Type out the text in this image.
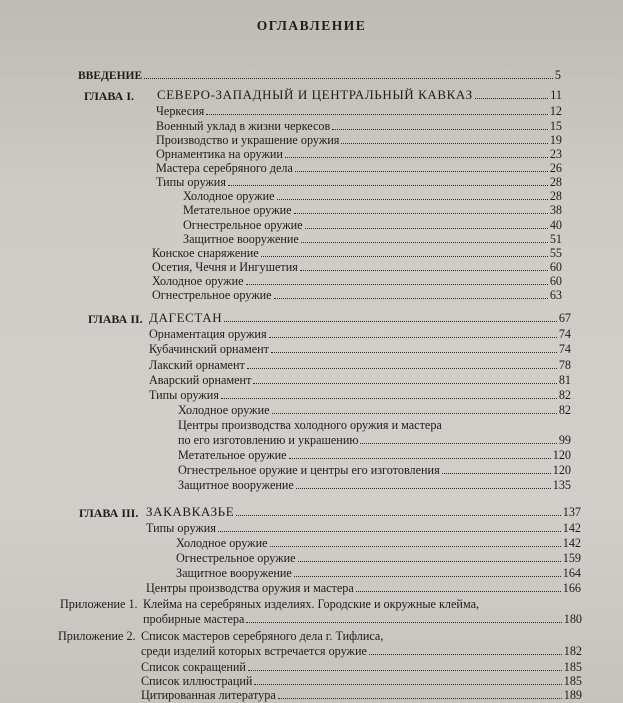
ОГЛАВЛЕНИЕ
ВВЕДЕНИЕ	5
ГЛАВА I. СЕВЕРО-ЗАПАДНЫЙ И ЦЕНТРАЛЬНЫЙ КАВКАЗ	11
Черкесия	12
Военный уклад в жизни черкесов	15
Производство и украшение оружия	19
Орнаментика на оружии	23
Мастера серебряного дела	26
Типы оружия	28
Холодное оружие	28
Метательное оружие	38
Огнестрельное оружие	40
Защитное вооружение	51
Конское снаряжение	55
Осетия, Чечня и Ингушетия	60
Холодное оружие	60
Огнестрельное оружие	63
ГЛАВА II. ДАГЕСТАН	67
Орнаментация оружия	74
Кубачинский орнамент	74
Лакский орнамент	78
Аварский орнамент	81
Типы оружия	82
Холодное оружие	82
Центры производства холодного оружия и мастера
по его изготовлению и украшению	99
Метательное оружие	120
Огнестрельное оружие и центры его изготовления	120
Защитное вооружение	135
ГЛАВА III. ЗАКАВКАЗЬЕ	137
Типы оружия	142
Холодное оружие	142
Огнестрельное оружие	159
Защитное вооружение	164
Центры производства оружия и мастера	166
Приложение 1. Клейма на серебряных изделиях. Городские и окружные клейма,
пробирные мастера	180
Приложение 2. Список мастеров серебряного дела г. Тифлиса,
среди изделий которых встречается оружие	182
Список сокращений	185
Список иллюстраций	185
Цитированная литература	189
